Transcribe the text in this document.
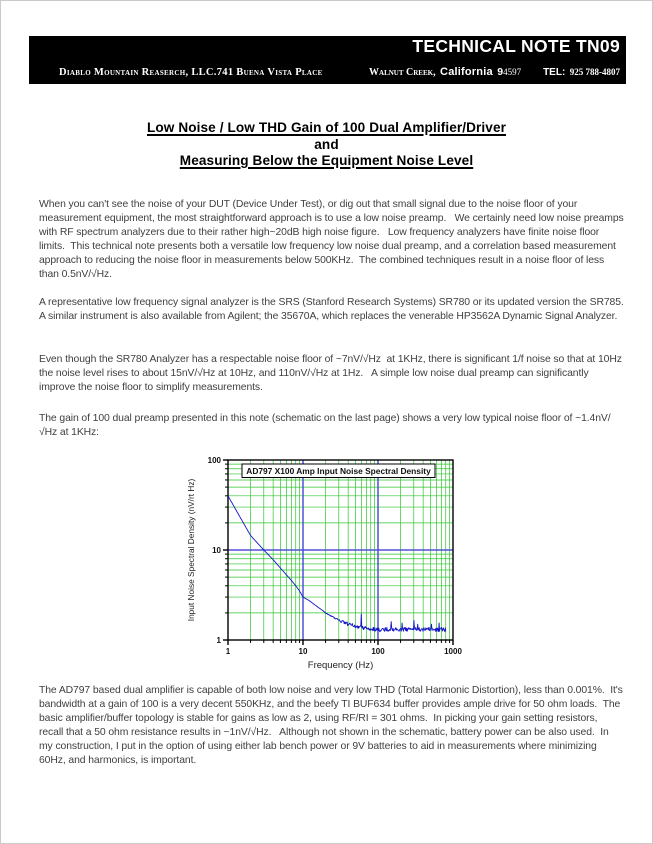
TECHNICAL NOTE TN09
Diablo Mountain Reaserch, LLC.741 Buena Vista Place	Walnut Creek, California 94597 TEL: 925 788-4807
Low Noise / Low THD Gain of 100 Dual Amplifier/Driver
and
Measuring Below the Equipment Noise Level

When you can't see the noise of your DUT (Device Under Test), or dig out that small signal due to the noise floor of your measurement equipment, the most straightforward approach is to use a low noise preamp.   We certainly need low noise preamps with RF spectrum analyzers due to their rather high~20dB high noise figure.   Low frequency analyzers have finite noise floor limits.  This technical note presents both a versatile low frequency low noise dual preamp, and a correlation based measurement approach to reducing the noise floor in measurements below 500KHz.  The combined techniques result in a noise floor of less than 0.5nV/√Hz.

A representative low frequency signal analyzer is the SRS (Stanford Research Systems) SR780 or its updated version the SR785.   A similar instrument is also available from Agilent; the 35670A, which replaces the venerable HP3562A Dynamic Signal Analyzer.

Even though the SR780 Analyzer has a respectable noise floor of ~7nV/√Hz  at 1KHz, there is significant 1/f noise so that at 10Hz the noise level rises to about 15nV/√Hz at 10Hz, and 110nV/√Hz at 1Hz.   A simple low noise dual preamp can significantly improve the noise floor to simplify measurements.

The gain of 100 dual preamp presented in this note (schematic on the last page) shows a very low typical noise floor of ~1.4nV/√Hz at 1KHz:

1	10	100	1000
1
10
100
AD797 X100 Amp Input Noise Spectral Density
Frequency (Hz)
Input Noise Spectral Density (nV/rt Hz)

The AD797 based dual amplifier is capable of both low noise and very low THD (Total Harmonic Distortion), less than 0.001%.  It's bandwidth at a gain of 100 is a very decent 550KHz, and the beefy TI BUF634 buffer provides ample drive for 50 ohm loads.  The basic amplifier/buffer topology is stable for gains as low as 2, using RF/RI = 301 ohms.  In picking your gain setting resistors, recall that a 50 ohm resistance results in ~1nV/√Hz.   Although not shown in the schematic, battery power can be also used.  In my construction, I put in the option of using either lab bench power or 9V batteries to aid in measurements where minimizing 60Hz, and harmonics, is important.
